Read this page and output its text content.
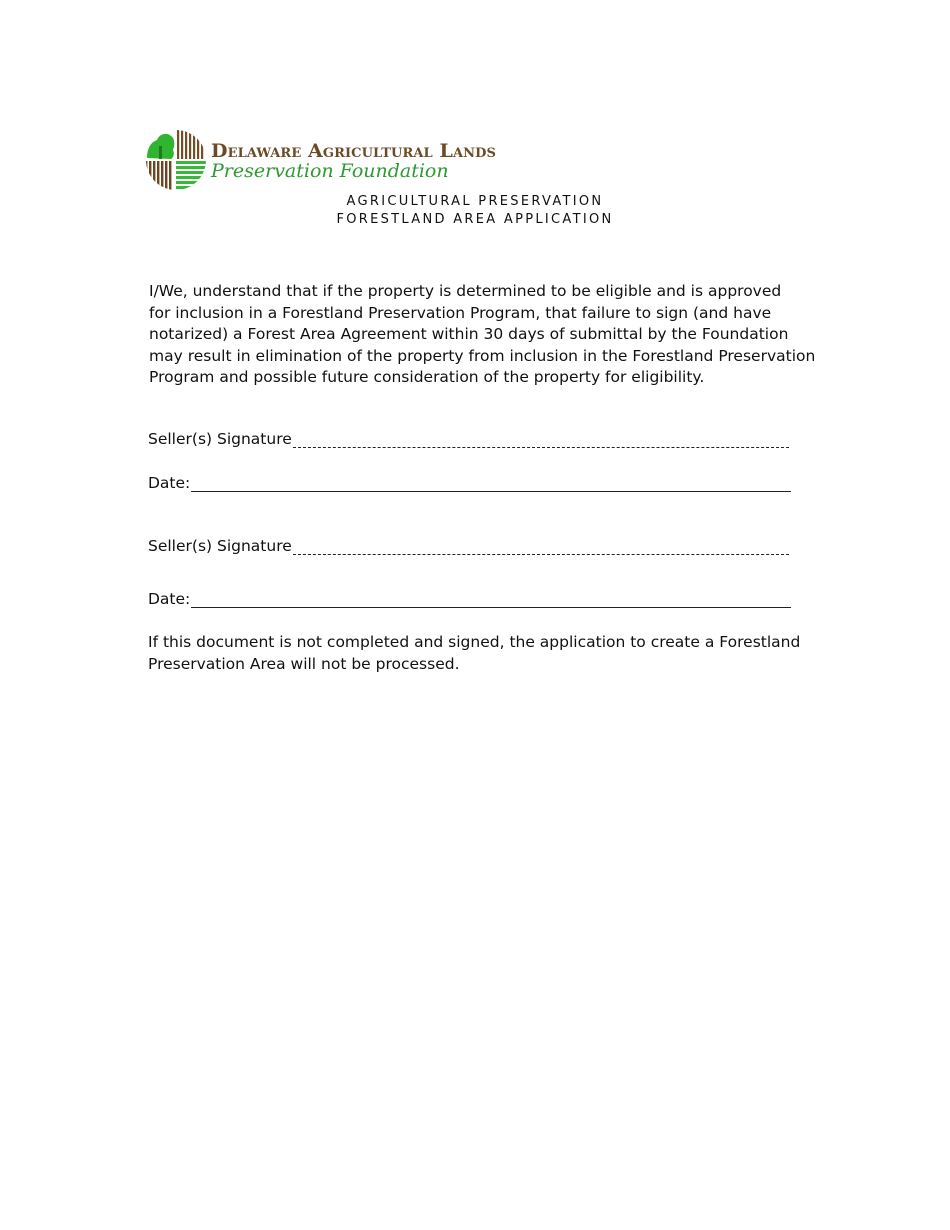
Delaware Agricultural Lands
Preservation Foundation
AGRICULTURAL PRESERVATION
FORESTLAND AREA APPLICATION
I/We, understand that if the property is determined to be eligible and is approved
for inclusion in a Forestland Preservation Program, that failure to sign (and have
notarized) a Forest Area Agreement within 30 days of submittal by the Foundation
may result in elimination of the property from inclusion in the Forestland Preservation
Program and possible future consideration of the property for eligibility.
Seller(s) Signature
Date:
Seller(s) Signature
Date:
If this document is not completed and signed, the application to create a Forestland
Preservation Area will not be processed.
